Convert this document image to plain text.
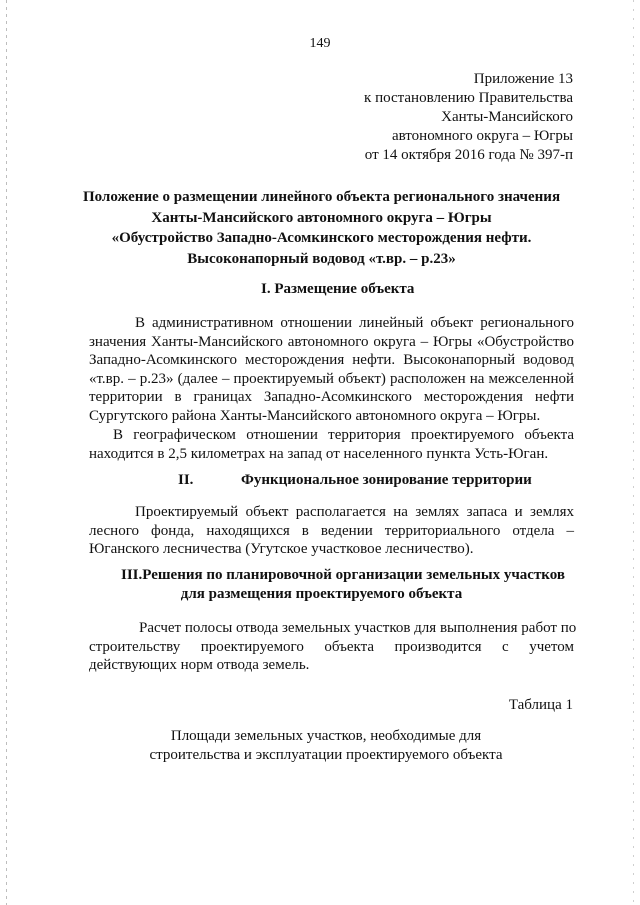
149
Приложение 13
к постановлению Правительства
Ханты-Мансийского
автономного округа – Югры
от 14 октября 2016 года № 397-п
Положение о размещении линейного объекта регионального значения
Ханты-Мансийского автономного округа – Югры
«Обустройство Западно-Асомкинского месторождения нефти.
Высоконапорный водовод «т.вр. – р.23»
I. Размещение объекта
В административном отношении линейный объект регионального
значения Ханты-Мансийского автономного округа – Югры «Обустройство
Западно-Асомкинского месторождения нефти. Высоконапорный водовод
«т.вр. – р.23» (далее – проектируемый объект) расположен на межселенной
территории в границах Западно-Асомкинского месторождения нефти
Сургутского района Ханты-Мансийского автономного округа – Югры.
В географическом отношении территория проектируемого объекта
находится в 2,5 километрах на запад от населенного пункта Усть-Юган.
II.	Функциональное зонирование территории
Проектируемый объект располагается на землях запаса и землях
лесного фонда, находящихся в ведении территориального отдела –
Юганского лесничества (Угутское участковое лесничество).
III.Решения по планировочной организации земельных участков
для размещения проектируемого объекта
Расчет полосы отвода земельных участков для выполнения работ по
строительству проектируемого объекта производится с учетом
действующих норм отвода земель.
Таблица 1
Площади земельных участков, необходимые для
строительства и эксплуатации проектируемого объекта
